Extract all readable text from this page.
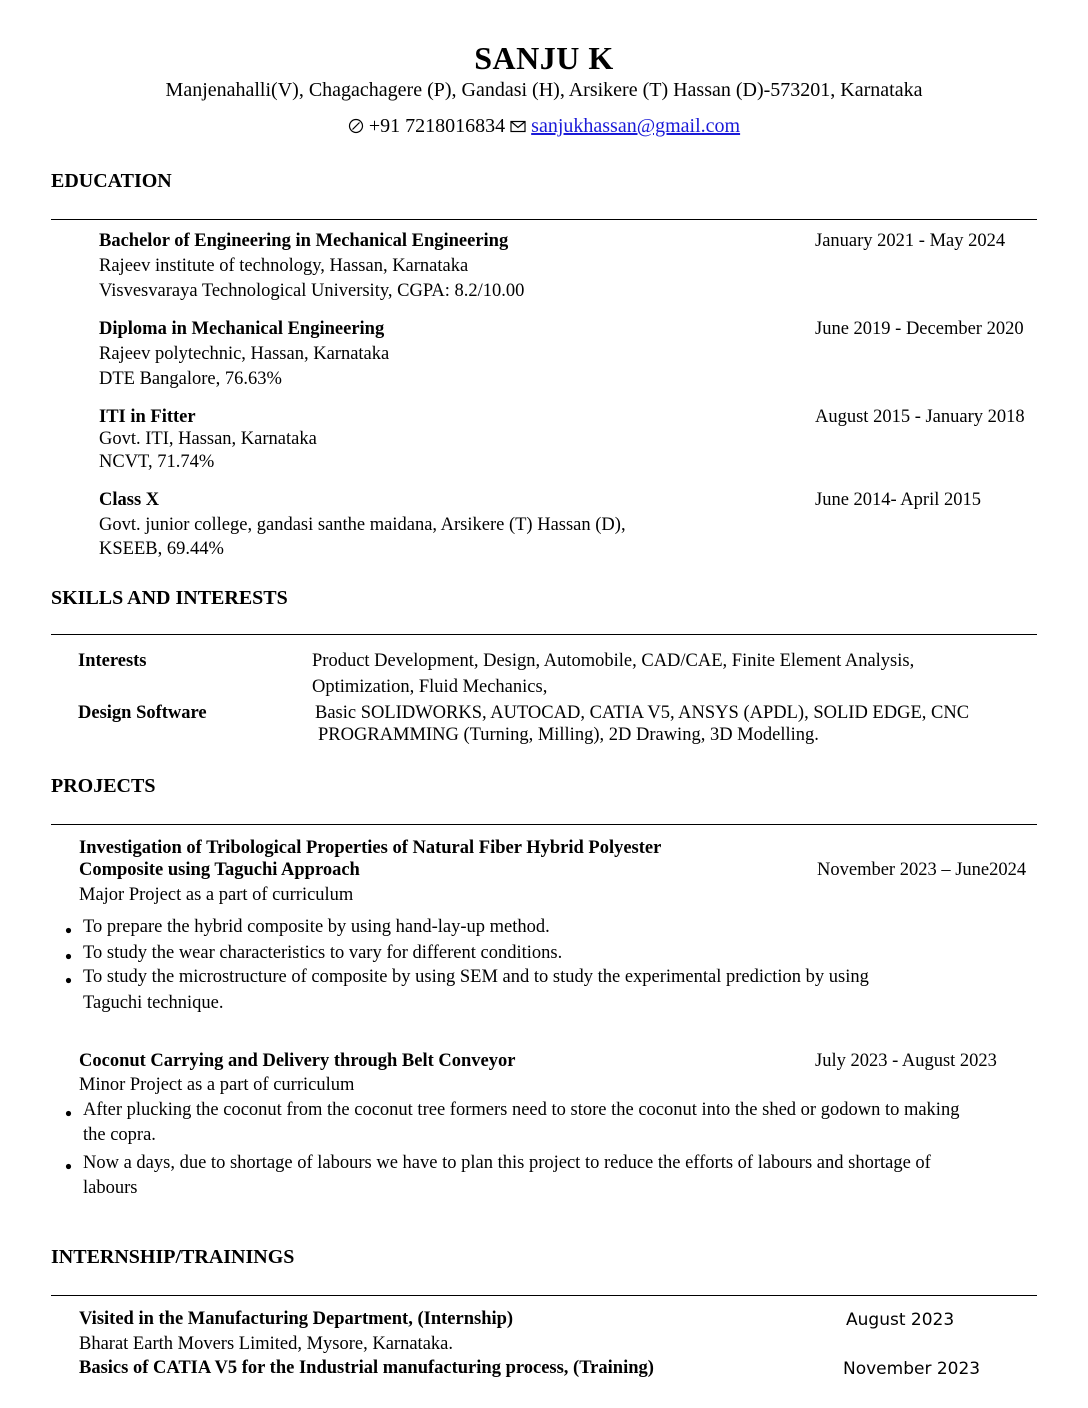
SANJU K
Manjenahalli(V), Chagachagere (P), Gandasi (H), Arsikere (T) Hassan (D)-573201, Karnataka
+91 7218016834 sanjukhassan@gmail.com
EDUCATION
Bachelor of Engineering in Mechanical Engineering	January 2021 - May 2024
Rajeev institute of technology, Hassan, Karnataka
Visvesvaraya Technological University, CGPA: 8.2/10.00
Diploma in Mechanical Engineering	June 2019 - December 2020
Rajeev polytechnic, Hassan, Karnataka
DTE Bangalore, 76.63%
ITI in Fitter	August 2015 - January 2018
Govt. ITI, Hassan, Karnataka
NCVT, 71.74%
Class X	June 2014- April 2015
Govt. junior college, gandasi santhe maidana, Arsikere (T) Hassan (D),
KSEEB, 69.44%
SKILLS AND INTERESTS
Interests	Product Development, Design, Automobile, CAD/CAE, Finite Element Analysis,
Optimization, Fluid Mechanics,
Design Software	Basic SOLIDWORKS, AUTOCAD, CATIA V5, ANSYS (APDL), SOLID EDGE, CNC
PROGRAMMING (Turning, Milling), 2D Drawing, 3D Modelling.
PROJECTS
Investigation of Tribological Properties of Natural Fiber Hybrid Polyester
Composite using Taguchi Approach	November 2023 – June2024
Major Project as a part of curriculum
To prepare the hybrid composite by using hand-lay-up method.
To study the wear characteristics to vary for different conditions.
To study the microstructure of composite by using SEM and to study the experimental prediction by using
Taguchi technique.
Coconut Carrying and Delivery through Belt Conveyor	July 2023 - August 2023
Minor Project as a part of curriculum
After plucking the coconut from the coconut tree formers need to store the coconut into the shed or godown to making
the copra.
Now a days, due to shortage of labours we have to plan this project to reduce the efforts of labours and shortage of
labours
INTERNSHIP/TRAININGS
Visited in the Manufacturing Department, (Internship)	August 2023
Bharat Earth Movers Limited, Mysore, Karnataka.
Basics of CATIA V5 for the Industrial manufacturing process, (Training)	November 2023
